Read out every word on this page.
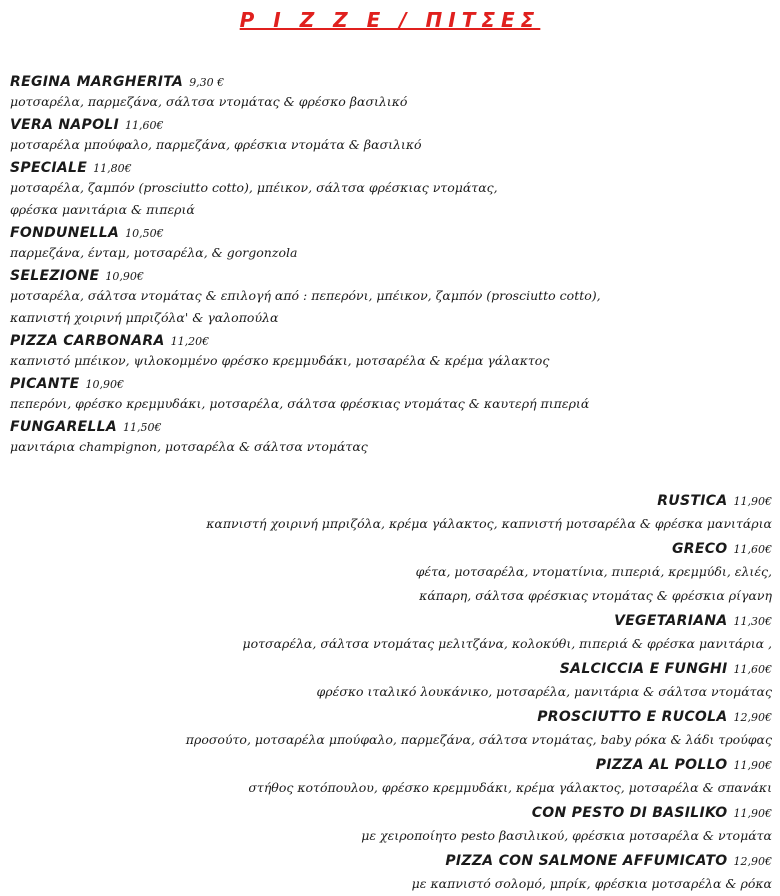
P I Z Z E / ΠΙΤΣΕΣ
REGINA MARGHERITA 9,30 €
μοτσαρέλα, παρμεζάνα, σάλτσα ντομάτας & φρέσκο βασιλικό
VERA NAPOLI 11,60€
μοτσαρέλα μπούφαλο, παρμεζάνα, φρέσκια ντομάτα & βασιλικό
SPECIALE 11,80€
μοτσαρέλα, ζαμπόν (prosciutto cotto), μπέικον, σάλτσα φρέσκιας ντομάτας,
φρέσκα μανιτάρια & πιπεριά
FONDUNELLA 10,50€
παρμεζάνα, ένταμ, μοτσαρέλα, & gorgonzola
SELEZIONE 10,90€
μοτσαρέλα, σάλτσα ντομάτας & επιλογή από : πεπερόνι, μπέικον, ζαμπόν (prosciutto cotto),
καπνιστή χοιρινή μπριζόλα' & γαλοπούλα
PIZZA CARBONARA 11,20€
καπνιστό μπέικον, ψιλοκομμένο φρέσκο κρεμμυδάκι, μοτσαρέλα & κρέμα γάλακτος
PICANTE 10,90€
πεπερόνι, φρέσκο κρεμμυδάκι, μοτσαρέλα, σάλτσα φρέσκιας ντομάτας & καυτερή πιπεριά
FUNGARELLA 11,50€
μανιτάρια champignon, μοτσαρέλα & σάλτσα ντομάτας
RUSTICA 11,90€
καπνιστή χοιρινή μπριζόλα, κρέμα γάλακτος, καπνιστή μοτσαρέλα & φρέσκα μανιτάρια
GRECO 11,60€
φέτα, μοτσαρέλα, ντοματίνια, πιπεριά, κρεμμύδι, ελιές,
κάπαρη, σάλτσα φρέσκιας ντομάτας & φρέσκια ρίγανη
VEGETARIANA 11,30€
μοτσαρέλα, σάλτσα ντομάτας μελιτζάνα, κολοκύθι, πιπεριά & φρέσκα μανιτάρια ,
SALCICCIA E FUNGHI 11,60€
φρέσκο ιταλικό λουκάνικο, μοτσαρέλα, μανιτάρια & σάλτσα ντομάτας
PROSCIUTTO E RUCOLA 12,90€
προσούτο, μοτσαρέλα μπούφαλο, παρμεζάνα, σάλτσα ντομάτας, baby ρόκα & λάδι τρούφας
PIZZA AL POLLO 11,90€
στήθος κοτόπουλου, φρέσκο κρεμμυδάκι, κρέμα γάλακτος, μοτσαρέλα & σπανάκι
CON PESTO DI BASILIKO 11,90€
με χειροποίητο pesto βασιλικού, φρέσκια μοτσαρέλα & ντομάτα
PIZZA CON SALMONE AFFUMICATO 12,90€
με καπνιστό σολομό, μπρίκ, φρέσκια μοτσαρέλα & ρόκα
